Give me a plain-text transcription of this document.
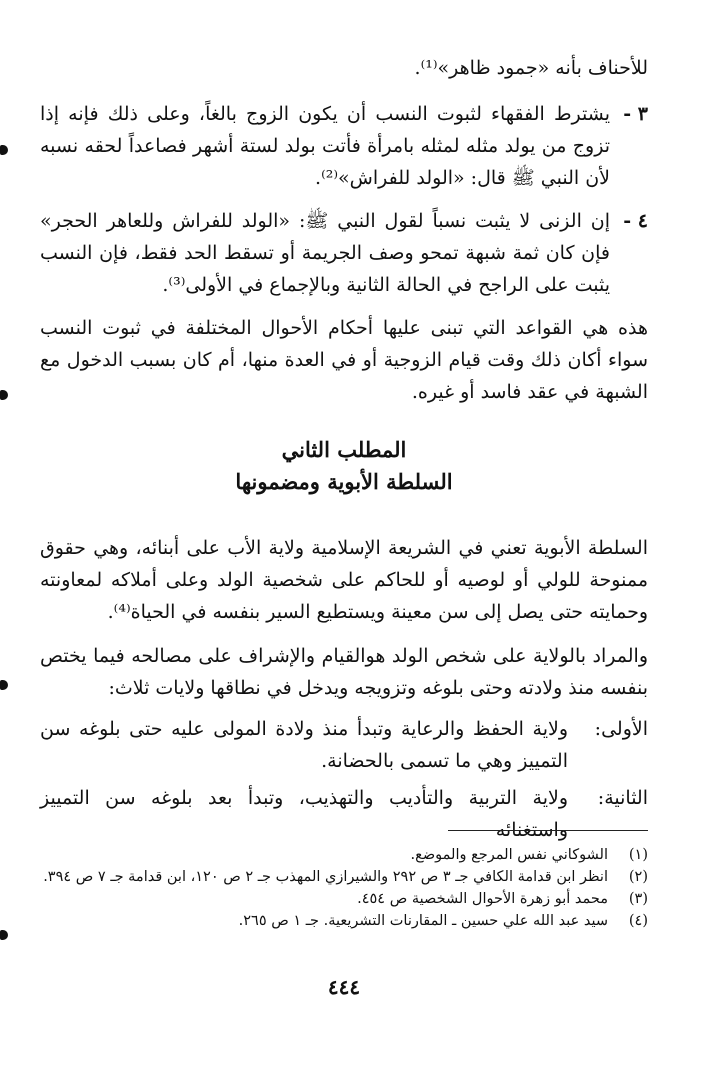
للأحناف بأنه «جمود ظاهر»⁽¹⁾.

٣ -
يشترط الفقهاء لثبوت النسب أن يكون الزوج بالغاً، وعلى ذلك فإنه إذا تزوج من يولد مثله لمثله بامرأة فأتت بولد لستة أشهر فصاعداً لحقه نسبه لأن النبي ﷺ قال: «الولد للفراش»⁽²⁾.
٤ -
إن الزنى لا يثبت نسباً لقول النبي ﷺ: «الولد للفراش وللعاهر الحجر» فإن كان ثمة شبهة تمحو وصف الجريمة أو تسقط الحد فقط، فإن النسب يثبت على الراجح في الحالة الثانية وبالإجماع في الأولى⁽³⁾.

هذه هي القواعد التي تبنى عليها أحكام الأحوال المختلفة في ثبوت النسب سواء أكان ذلك وقت قيام الزوجية أو في العدة منها، أم كان بسبب الدخول مع الشبهة في عقد فاسد أو غيره.

المطلب الثاني
السلطة الأبوية ومضمونها

السلطة الأبوية تعني في الشريعة الإسلامية ولاية الأب على أبنائه، وهي حقوق ممنوحة للولي أو لوصيه أو للحاكم على شخصية الولد وعلى أملاكه لمعاونته وحمايته حتى يصل إلى سن معينة ويستطيع السير بنفسه في الحياة⁽⁴⁾.

والمراد بالولاية على شخص الولد هوالقيام والإشراف على مصالحه فيما يختص بنفسه منذ ولادته وحتى بلوغه وتزويجه ويدخل في نطاقها ولايات ثلاث:

الأولى:
ولاية الحفظ والرعاية وتبدأ منذ ولادة المولى عليه حتى بلوغه سن التمييز وهي ما تسمى بالحضانة.
الثانية:
ولاية التربية والتأديب والتهذيب، وتبدأ بعد بلوغه سن التمييز واستغنائه
(١)
الشوكاني نفس المرجع والموضع.
(٢)
انظر ابن قدامة الكافي جـ ٣ ص ٢٩٢ والشيرازي المهذب جـ ٢ ص ١٢٠، ابن قدامة جـ ٧ ص ٣٩٤.
(٣)
محمد أبو زهرة الأحوال الشخصية ص ٤٥٤.
(٤)
سيد عبد الله علي حسين ـ المقارنات التشريعية. جـ ١ ص ٢٦٥.
٤٤٤
